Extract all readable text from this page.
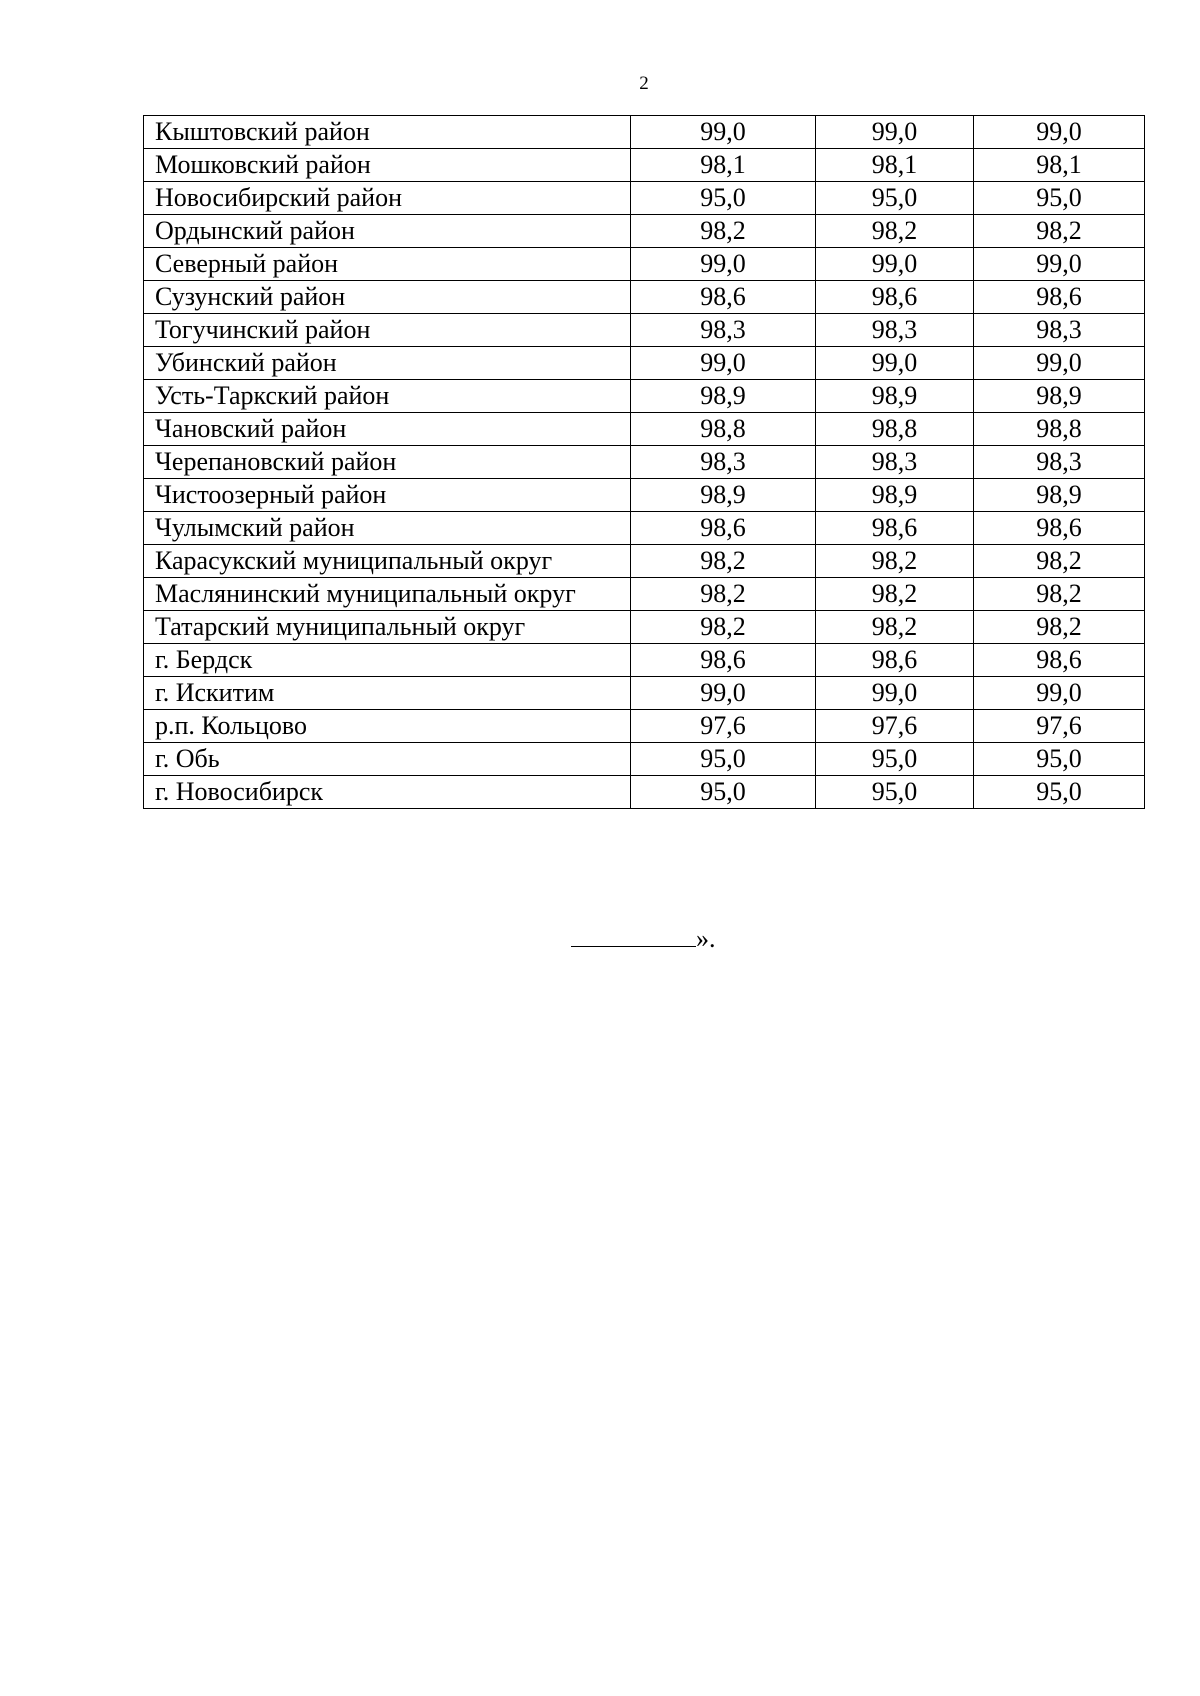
2
Кыштовский район	99,0	99,0	99,0
Мошковский район	98,1	98,1	98,1
Новосибирский район	95,0	95,0	95,0
Ордынский район	98,2	98,2	98,2
Северный район	99,0	99,0	99,0
Сузунский район	98,6	98,6	98,6
Тогучинский район	98,3	98,3	98,3
Убинский район	99,0	99,0	99,0
Усть-Таркский район	98,9	98,9	98,9
Чановский район	98,8	98,8	98,8
Черепановский район	98,3	98,3	98,3
Чистоозерный район	98,9	98,9	98,9
Чулымский район	98,6	98,6	98,6
Карасукский муниципальный округ	98,2	98,2	98,2
Маслянинский муниципальный округ	98,2	98,2	98,2
Татарский муниципальный округ	98,2	98,2	98,2
г. Бердск	98,6	98,6	98,6
г. Искитим	99,0	99,0	99,0
р.п. Кольцово	97,6	97,6	97,6
г. Обь	95,0	95,0	95,0
г. Новосибирск	95,0	95,0	95,0
».
